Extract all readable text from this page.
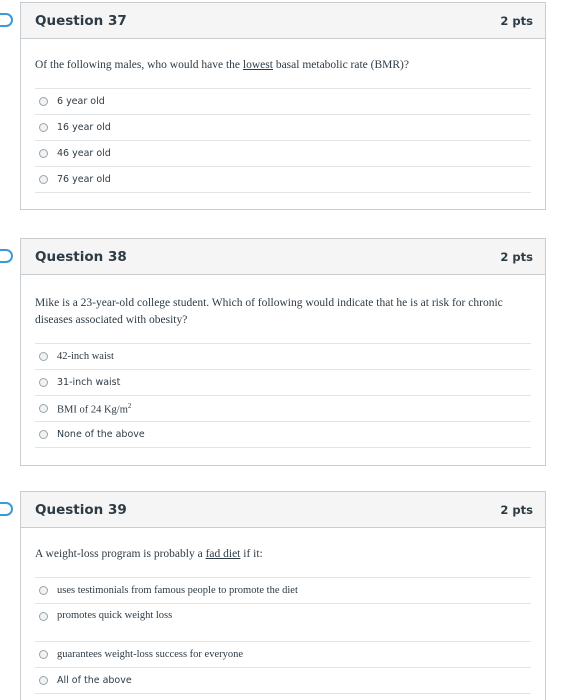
Question 37	2 pts

Of the following males, who would have the lowest basal metabolic rate (BMR)?

6 year old
16 year old
46 year old
76 year old
Question 38	2 pts

Mike is a 23-year-old college student. Which of following would indicate that he is at risk for chronic diseases associated with obesity?

42-inch waist
31-inch waist
BMI of 24 $Kg/m^2$
None of the above
Question 39	2 pts

A weight-loss program is probably a fad diet if it:

uses testimonials from famous people to promote the diet
promotes quick weight loss
guarantees weight-loss success for everyone
All of the above
